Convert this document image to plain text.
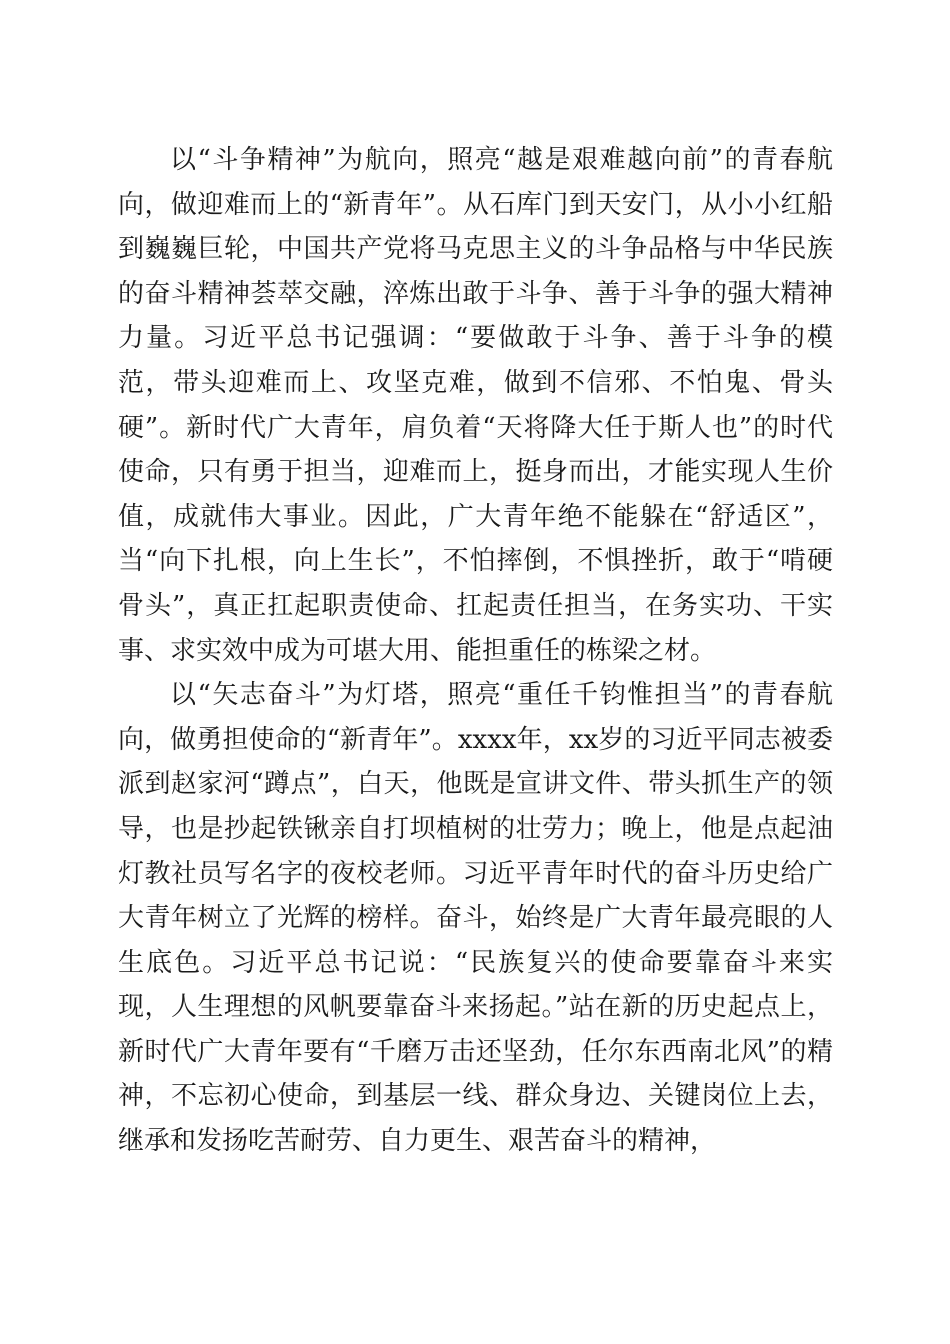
以“斗争精神”为航向，照亮“越是艰难越向前”的青春航向，做迎难而上的“新青年”。从石库门到天安门，从小小红船到巍巍巨轮，中国共产党将马克思主义的斗争品格与中华民族的奋斗精神荟萃交融，淬炼出敢于斗争、善于斗争的强大精神力量。习近平总书记强调：“要做敢于斗争、善于斗争的模范，带头迎难而上、攻坚克难，做到不信邪、不怕鬼、骨头硬”。新时代广大青年，肩负着“天将降大任于斯人也”的时代使命，只有勇于担当，迎难而上，挺身而出，才能实现人生价值，成就伟大事业。因此，广大青年绝不能躲在“舒适区”，当“向下扎根，向上生长”，不怕摔倒，不惧挫折，敢于“啃硬骨头”，真正扛起职责使命、扛起责任担当，在务实功、干实事、求实效中成为可堪大用、能担重任的栋梁之材。

以“矢志奋斗”为灯塔，照亮“重任千钧惟担当”的青春航向，做勇担使命的“新青年”。xxxx年，xx岁的习近平同志被委派到赵家河“蹲点”，白天，他既是宣讲文件、带头抓生产的领导，也是抄起铁锹亲自打坝植树的壮劳力；晚上，他是点起油灯教社员写名字的夜校老师。习近平青年时代的奋斗历史给广大青年树立了光辉的榜样。奋斗，始终是广大青年最亮眼的人生底色。习近平总书记说：“民族复兴的使命要靠奋斗来实现，人生理想的风帆要靠奋斗来扬起。”站在新的历史起点上，新时代广大青年要有“千磨万击还坚劲，任尔东西南北风”的精神，不忘初心使命，到基层一线、群众身边、关键岗位上去，继承和发扬吃苦耐劳、自力更生、艰苦奋斗的精神，
